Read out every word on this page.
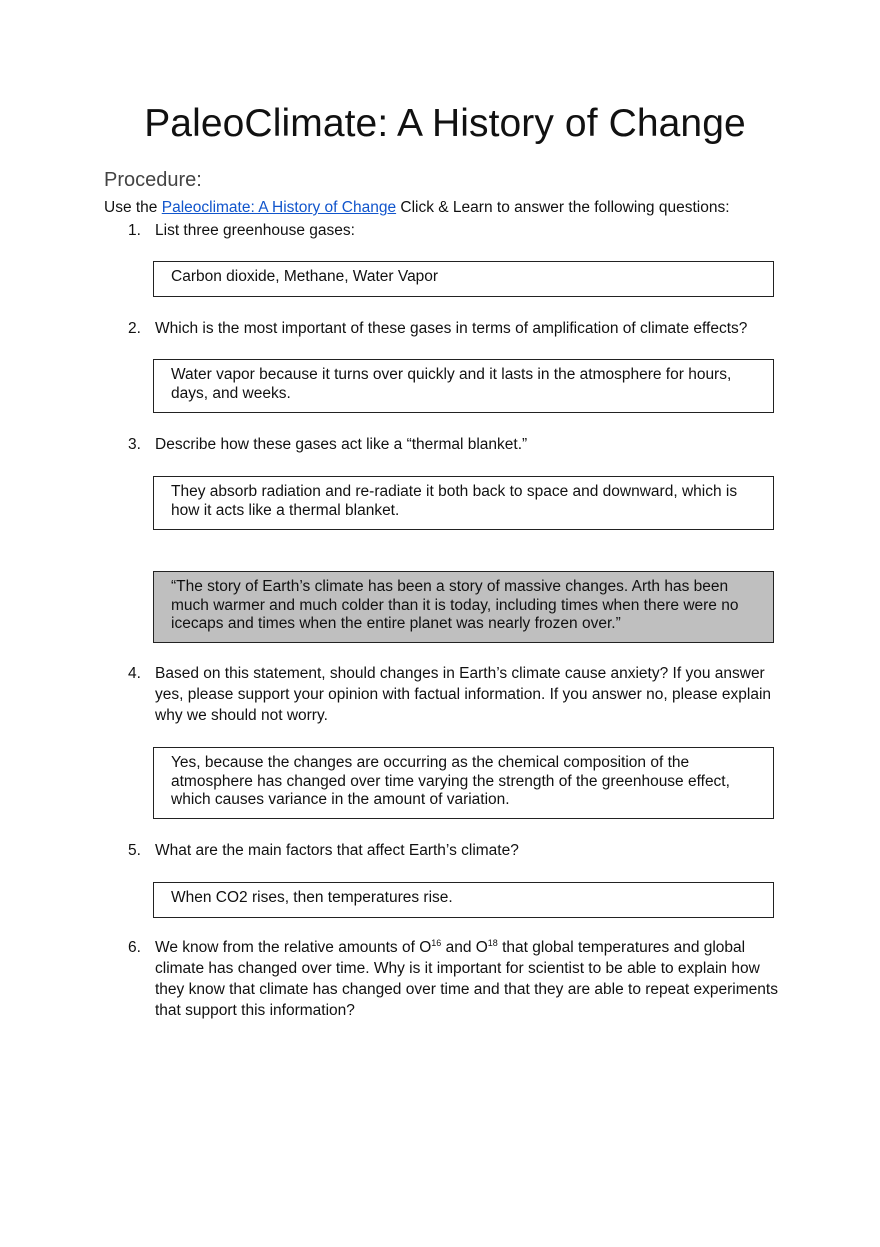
PaleoClimate: A History of Change
Procedure:
Use the Paleoclimate: A History of Change Click & Learn to answer the following questions:
1. List three greenhouse gases:
Carbon dioxide, Methane, Water Vapor
2. Which is the most important of these gases in terms of amplification of climate effects?
Water vapor because it turns over quickly and it lasts in the atmosphere for hours, days, and weeks.
3. Describe how these gases act like a “thermal blanket.”
They absorb radiation and re-radiate it both back to space and downward, which is how it acts like a thermal blanket.
“The story of Earth’s climate has been a story of massive changes. Arth has been much warmer and much colder than it is today, including times when there were no icecaps and times when the entire planet was nearly frozen over.”
4. Based on this statement, should changes in Earth’s climate cause anxiety? If you answer yes, please support your opinion with factual information. If you answer no, please explain why we should not worry.
Yes, because the changes are occurring as the chemical composition of the atmosphere has changed over time varying the strength of the greenhouse effect, which causes variance in the amount of variation.
5. What are the main factors that affect Earth’s climate?
When CO2 rises, then temperatures rise.
6. We know from the relative amounts of $O^{16}$ and $O^{18}$ that global temperatures and global climate has changed over time. Why is it important for scientist to be able to explain how they know that climate has changed over time and that they are able to repeat experiments that support this information?
